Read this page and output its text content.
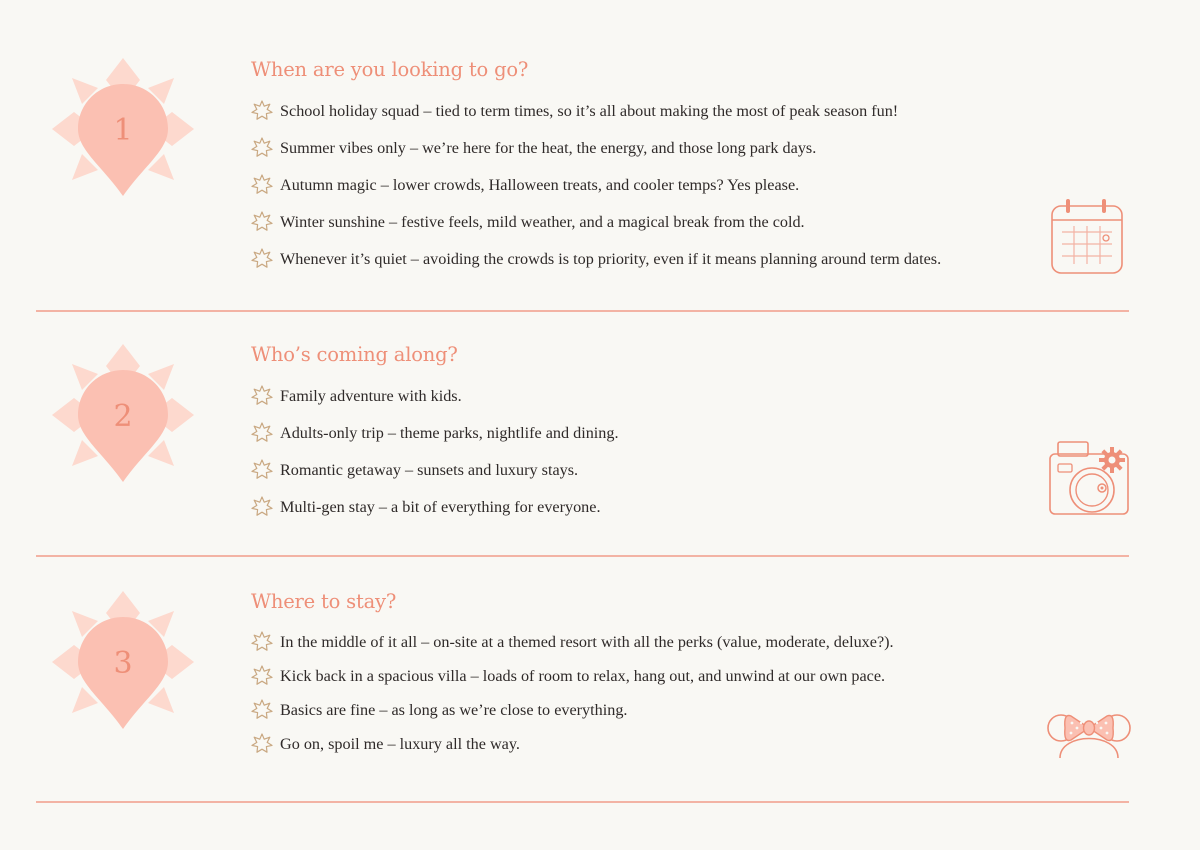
1
When are you looking to go?
School holiday squad – tied to term times, so it’s all about making the most of peak season fun!
Summer vibes only – we’re here for the heat, the energy, and those long park days.
Autumn magic – lower crowds, Halloween treats, and cooler temps? Yes please.
Winter sunshine – festive feels, mild weather, and a magical break from the cold.
Whenever it’s quiet – avoiding the crowds is top priority, even if it means planning around term dates.
2
Who’s coming along?
Family adventure with kids.
Adults-only trip – theme parks, nightlife and dining.
Romantic getaway – sunsets and luxury stays.
Multi-gen stay – a bit of everything for everyone.
3
Where to stay?
In the middle of it all – on-site at a themed resort with all the perks (value, moderate, deluxe?).
Kick back in a spacious villa – loads of room to relax, hang out, and unwind at our own pace.
Basics are fine – as long as we’re close to everything.
Go on, spoil me – luxury all the way.
